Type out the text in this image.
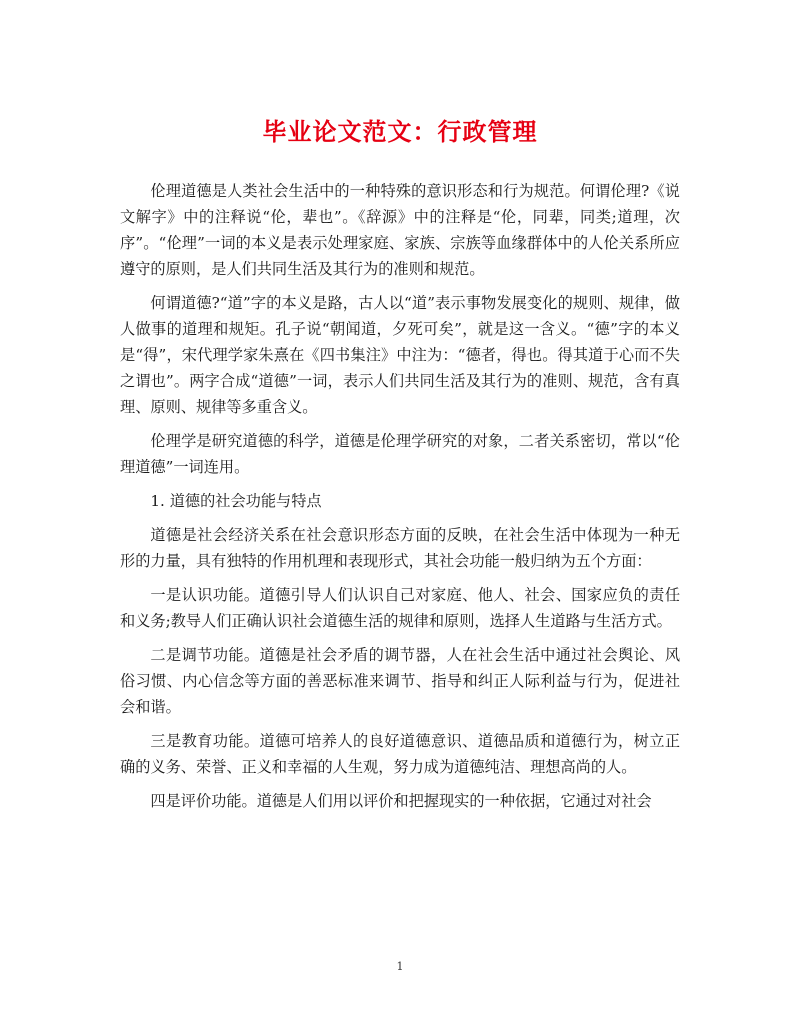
毕业论文范文：行政管理

伦理道德是人类社会生活中的一种特殊的意识形态和行为规范。何谓伦理?《说文解字》中的注释说“伦，辈也”。《辞源》中的注释是“伦，同辈，同类;道理，次序”。“伦理”一词的本义是表示处理家庭、家族、宗族等血缘群体中的人伦关系所应遵守的原则，是人们共同生活及其行为的准则和规范。

何谓道德?“道”字的本义是路，古人以“道”表示事物发展变化的规则、规律，做人做事的道理和规矩。孔子说“朝闻道，夕死可矣”，就是这一含义。“德”字的本义是“得”，宋代理学家朱熹在《四书集注》中注为：“德者，得也。得其道于心而不失之谓也”。两字合成“道德”一词，表示人们共同生活及其行为的准则、规范，含有真理、原则、规律等多重含义。

伦理学是研究道德的科学，道德是伦理学研究的对象，二者关系密切，常以“伦理道德”一词连用。

1. 道德的社会功能与特点

道德是社会经济关系在社会意识形态方面的反映，在社会生活中体现为一种无形的力量，具有独特的作用机理和表现形式，其社会功能一般归纳为五个方面：

一是认识功能。道德引导人们认识自己对家庭、他人、社会、国家应负的责任和义务;教导人们正确认识社会道德生活的规律和原则，选择人生道路与生活方式。

二是调节功能。道德是社会矛盾的调节器，人在社会生活中通过社会舆论、风俗习惯、内心信念等方面的善恶标准来调节、指导和纠正人际利益与行为，促进社会和谐。

三是教育功能。道德可培养人的良好道德意识、道德品质和道德行为，树立正确的义务、荣誉、正义和幸福的人生观，努力成为道德纯洁、理想高尚的人。

四是评价功能。道德是人们用以评价和把握现实的一种依据，它通过对社会

1
